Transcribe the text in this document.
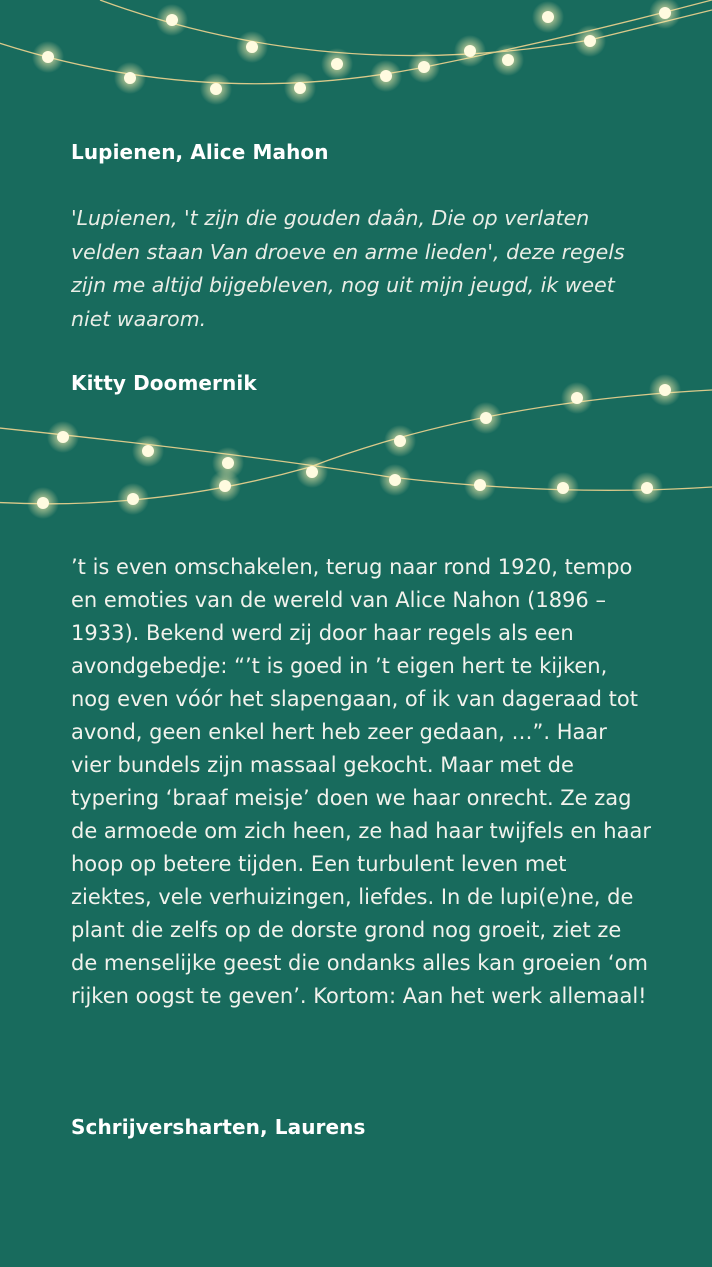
Lupienen, Alice Mahon

'Lupienen, 't zijn die gouden daân, Die op verlaten velden staan Van droeve en arme lieden', deze regels zijn me altijd bijgebleven, nog uit mijn jeugd, ik weet niet waarom.

Kitty Doomernik

’t is even omschakelen, terug naar rond 1920, tempo en emoties van de wereld van Alice Nahon (1896 – 1933). Bekend werd zij door haar regels als een avondgebedje: “’t is goed in ’t eigen hert te kijken, nog even vóór het slapengaan, of ik van dageraad tot avond, geen enkel hert heb zeer gedaan, …”. Haar vier bundels zijn massaal gekocht. Maar met de typering ‘braaf meisje’ doen we haar onrecht. Ze zag de armoede om zich heen, ze had haar twijfels en haar hoop op betere tijden. Een turbulent leven met ziektes, vele verhuizingen, liefdes. In de lupi(e)ne, de plant die zelfs op de dorste grond nog groeit, ziet ze de menselijke geest die ondanks alles kan groeien ‘om rijken oogst te geven’. Kortom: Aan het werk allemaal!

Schrijversharten, Laurens
